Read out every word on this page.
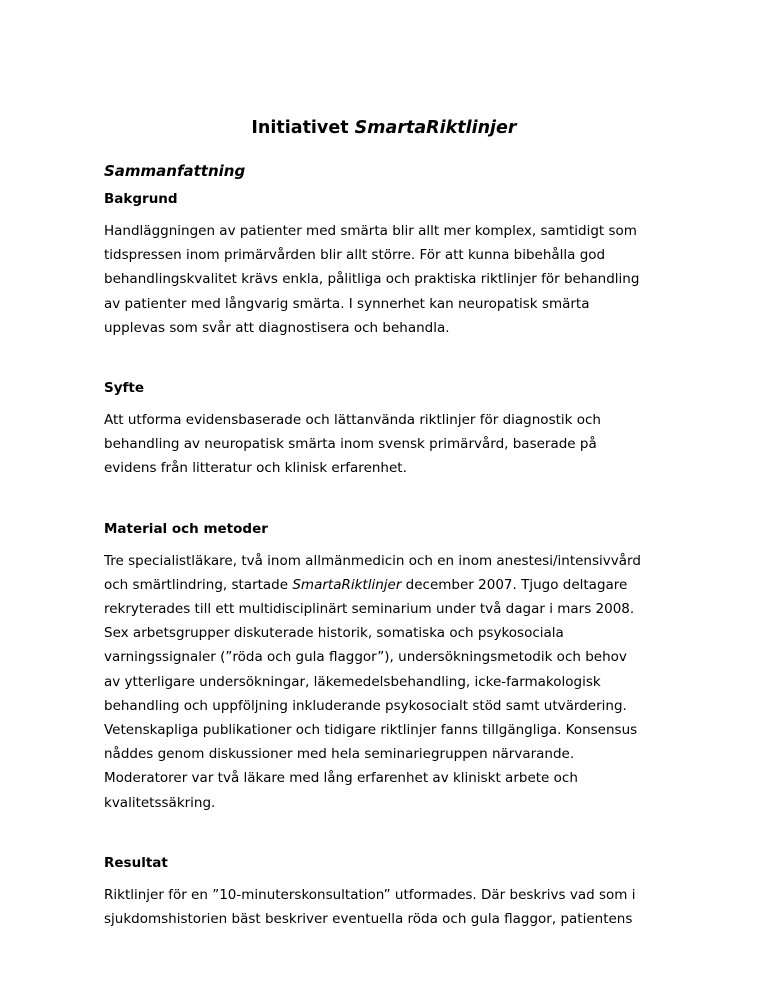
Initiativet SmartaRiktlinjer
Sammanfattning
Bakgrund

Handläggningen av patienter med smärta blir allt mer komplex, samtidigt som
tidspressen inom primärvården blir allt större. För att kunna bibehålla god
behandlingskvalitet krävs enkla, pålitliga och praktiska riktlinjer för behandling
av patienter med långvarig smärta. I synnerhet kan neuropatisk smärta
upplevas som svår att diagnostisera och behandla.

Syfte

Att utforma evidensbaserade och lättanvända riktlinjer för diagnostik och
behandling av neuropatisk smärta inom svensk primärvård, baserade på
evidens från litteratur och klinisk erfarenhet.

Material och metoder

Tre specialistläkare, två inom allmänmedicin och en inom anestesi/intensivvård
och smärtlindring, startade SmartaRiktlinjer december 2007. Tjugo deltagare
rekryterades till ett multidisciplinärt seminarium under två dagar i mars 2008.
Sex arbetsgrupper diskuterade historik, somatiska och psykosociala
varningssignaler (”röda och gula flaggor”), undersökningsmetodik och behov
av ytterligare undersökningar, läkemedelsbehandling, icke-farmakologisk
behandling och uppföljning inkluderande psykosocialt stöd samt utvärdering.
Vetenskapliga publikationer och tidigare riktlinjer fanns tillgängliga. Konsensus
nåddes genom diskussioner med hela seminariegruppen närvarande.
Moderatorer var två läkare med lång erfarenhet av kliniskt arbete och
kvalitetssäkring.

Resultat

Riktlinjer för en ”10-minuterskonsultation” utformades. Där beskrivs vad som i
sjukdomshistorien bäst beskriver eventuella röda och gula flaggor, patientens
